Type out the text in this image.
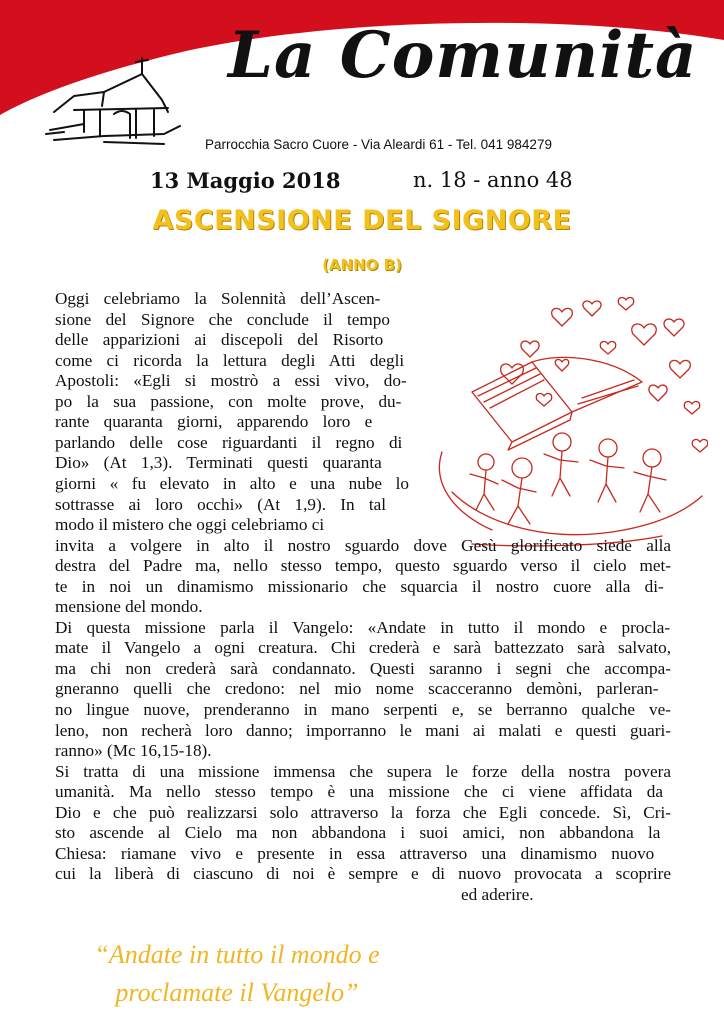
La Comunità
Parrocchia Sacro Cuore - Via Aleardi 61 - Tel. 041 984279
13 Maggio 2018	n. 18 - anno 48
ASCENSIONE DEL SIGNORE
(ANNO B)
Oggi celebriamo la Solennità dell’Ascen-
sione del Signore che conclude il tempo
delle apparizioni ai discepoli del Risorto
come ci ricorda la lettura degli Atti degli
Apostoli: «Egli si mostrò a essi vivo, do-
po la sua passione, con molte prove, du-
rante quaranta giorni, apparendo loro e
parlando delle cose riguardanti il regno di
Dio» (At 1,3). Terminati questi quaranta
giorni « fu elevato in alto e una nube lo
sottrasse ai loro occhi» (At 1,9). In tal
modo il mistero che oggi celebriamo ci
invita a volgere in alto il nostro sguardo dove Gesù glorificato siede alla
destra del Padre ma, nello stesso tempo, questo sguardo verso il cielo met-
te in noi un dinamismo missionario che squarcia il nostro cuore alla di-
mensione del mondo.
Di questa missione parla il Vangelo: «Andate in tutto il mondo e procla-
mate il Vangelo a ogni creatura. Chi crederà e sarà battezzato sarà salvato,
ma chi non crederà sarà condannato. Questi saranno i segni che accompa-
gneranno quelli che credono: nel mio nome scacceranno demòni, parleran-
no lingue nuove, prenderanno in mano serpenti e, se berranno qualche ve-
leno, non recherà loro danno; imporranno le mani ai malati e questi guari-
ranno» (Mc 16,15-18).
Si tratta di una missione immensa che supera le forze della nostra povera
umanità. Ma nello stesso tempo è una missione che ci viene affidata da
Dio e che può realizzarsi solo attraverso la forza che Egli concede. Sì, Cri-
sto ascende al Cielo ma non abbandona i suoi amici, non abbandona la
Chiesa: riamane vivo e presente in essa attraverso una dinamismo nuovo
cui la liberà di ciascuno di noi è sempre e di nuovo provocata a scoprire
ed aderire.
“Andate in tutto il mondo e
proclamate il Vangelo”
